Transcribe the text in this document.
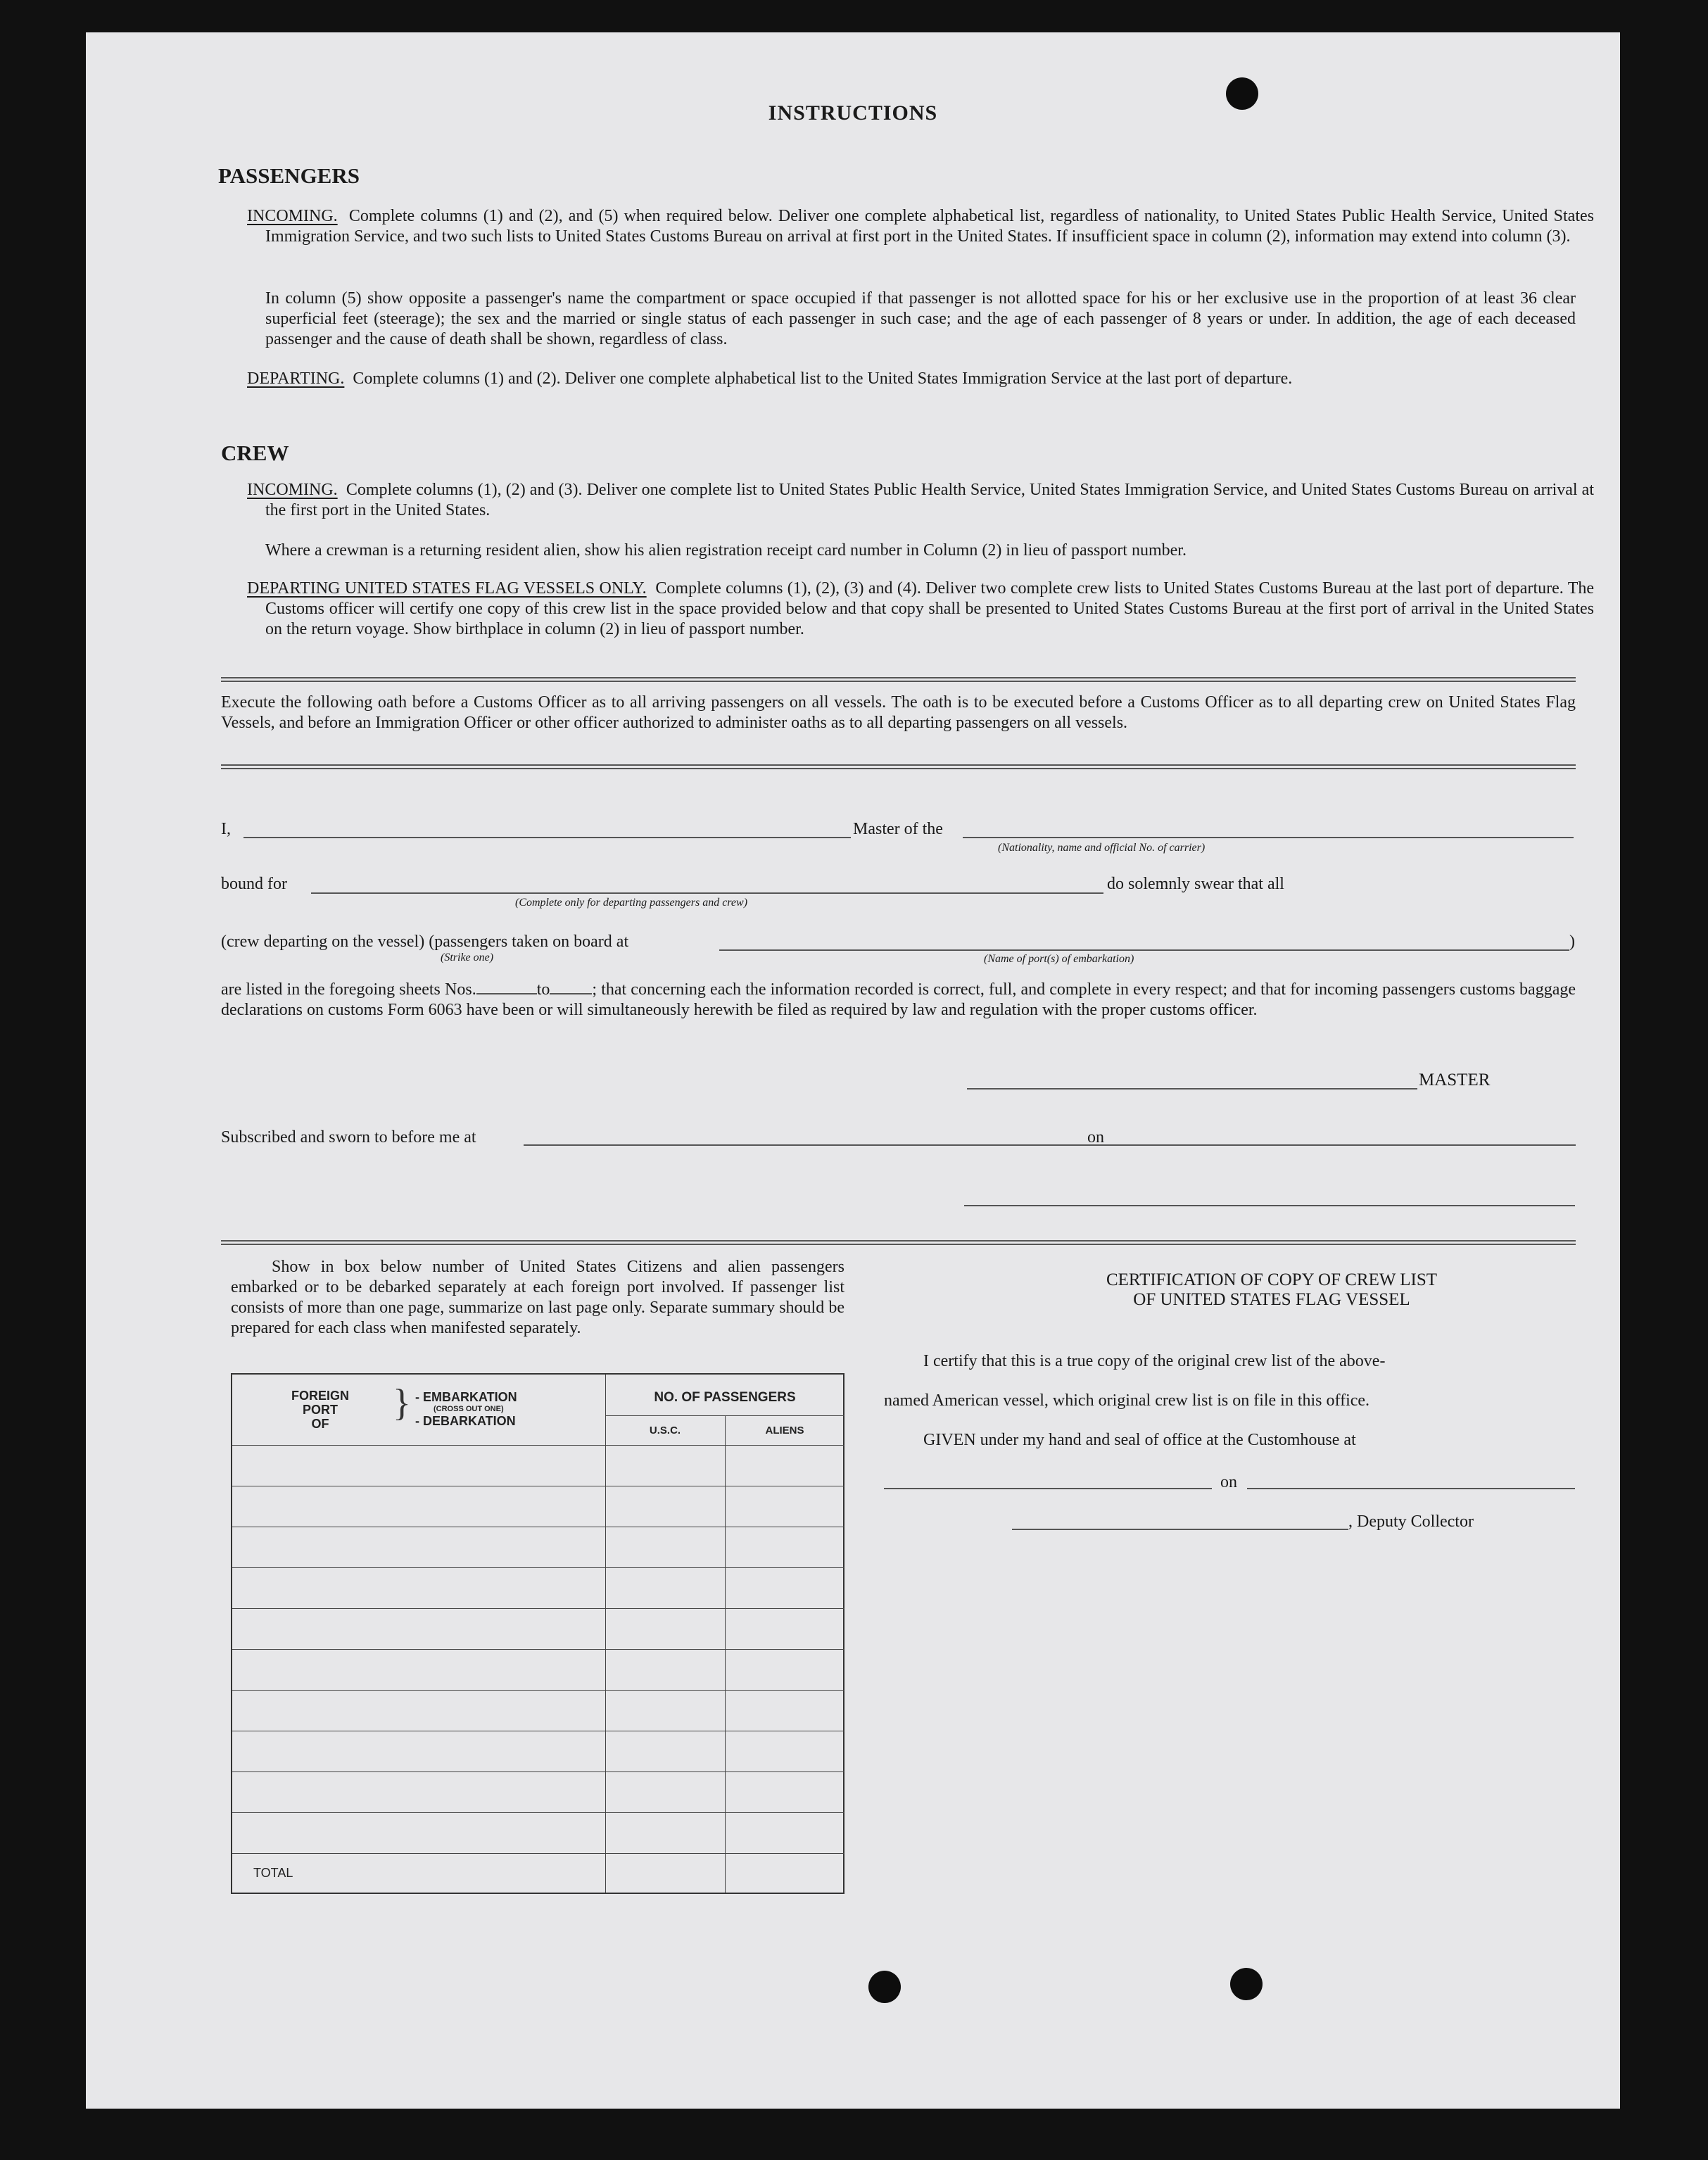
INSTRUCTIONS
PASSENGERS
INCOMING. Complete columns (1) and (2), and (5) when required below. Deliver one complete alphabetical list, regardless of nationality, to United States Public Health Service, United States Immigration Service, and two such lists to United States Customs Bureau on arrival at first port in the United States. If insufficient space in column (2), information may extend into column (3).
In column (5) show opposite a passenger's name the compartment or space occupied if that passenger is not allotted space for his or her exclusive use in the proportion of at least 36 clear superficial feet (steerage); the sex and the married or single status of each passenger in such case; and the age of each passenger of 8 years or under. In addition, the age of each deceased passenger and the cause of death shall be shown, regardless of class.
DEPARTING. Complete columns (1) and (2). Deliver one complete alphabetical list to the United States Immigration Service at the last port of departure.
CREW
INCOMING. Complete columns (1), (2) and (3). Deliver one complete list to United States Public Health Service, United States Immigration Service, and United States Customs Bureau on arrival at the first port in the United States.
Where a crewman is a returning resident alien, show his alien registration receipt card number in Column (2) in lieu of passport number.
DEPARTING UNITED STATES FLAG VESSELS ONLY. Complete columns (1), (2), (3) and (4). Deliver two complete crew lists to United States Customs Bureau at the last port of departure. The Customs officer will certify one copy of this crew list in the space provided below and that copy shall be presented to United States Customs Bureau at the first port of arrival in the United States on the return voyage. Show birthplace in column (2) in lieu of passport number.
Execute the following oath before a Customs Officer as to all arriving passengers on all vessels. The oath is to be executed before a Customs Officer as to all departing crew on United States Flag Vessels, and before an Immigration Officer or other officer authorized to administer oaths as to all departing passengers on all vessels.
I,	Master of the
(Nationality, name and official No. of carrier)
bound for
(Complete only for departing passengers and crew)
do solemnly swear that all
(crew departing on the vessel) (passengers taken on board at
(Strike one)	(Name of port(s) of embarkation)
)
are listed in the foregoing sheets Nos.	to	; that concerning each the information recorded is correct, full, and complete in every respect; and that for incoming passengers customs baggage declarations on customs Form 6063 have been or will simultaneously herewith be filed as required by law and regulation with the proper customs officer.
MASTER
Subscribed and sworn to before me at	on
Show in box below number of United States Citizens and alien passengers embarked or to be debarked separately at each foreign port involved. If passenger list consists of more than one page, summarize on last page only. Separate summary should be prepared for each class when manifested separately.
FOREIGN
PORT
OF	} - EMBARKATION
(CROSS OUT ONE)
- DEBARKATION
NO. OF PASSENGERS
U.S.C.	ALIENS
TOTAL
CERTIFICATION OF COPY OF CREW LIST
OF UNITED STATES FLAG VESSEL
I certify that this is a true copy of the original crew list of the above-
named American vessel, which original crew list is on file in this office.
GIVEN under my hand and seal of office at the Customhouse at
on
, Deputy Collector
